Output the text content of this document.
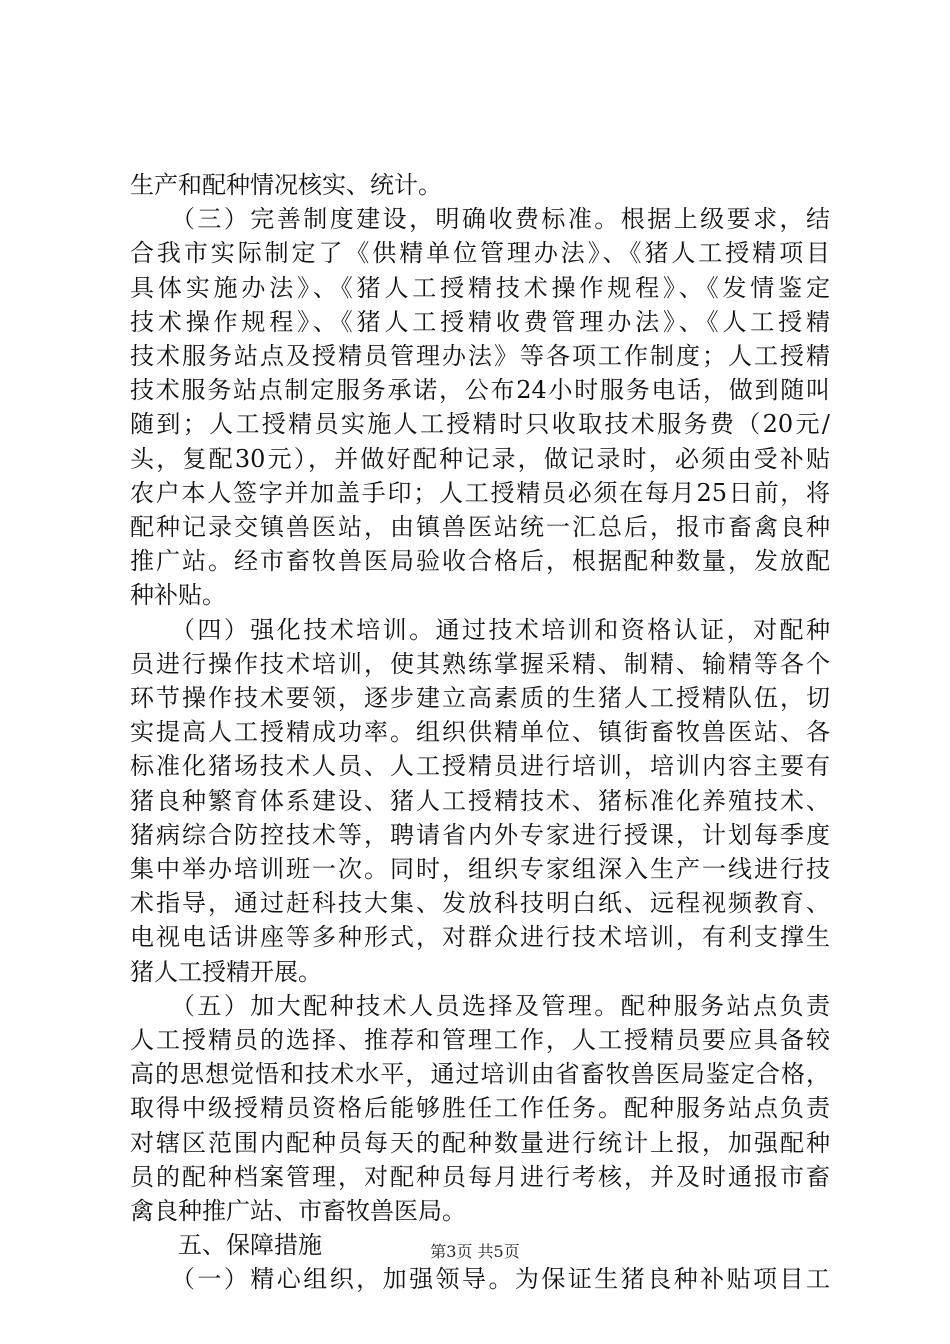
生产和配种情况核实、统计。
　　（三）完善制度建设，明确收费标准。根据上级要求，结
合我市实际制定了《供精单位管理办法》、《猪人工授精项目
具体实施办法》、《猪人工授精技术操作规程》、《发情鉴定
技术操作规程》、《猪人工授精收费管理办法》、《人工授精
技术服务站点及授精员管理办法》等各项工作制度；人工授精
技术服务站点制定服务承诺，公布24小时服务电话，做到随叫
随到；人工授精员实施人工授精时只收取技术服务费（20元/
头，复配30元），并做好配种记录，做记录时，必须由受补贴
农户本人签字并加盖手印；人工授精员必须在每月25日前，将
配种记录交镇兽医站，由镇兽医站统一汇总后，报市畜禽良种
推广站。经市畜牧兽医局验收合格后，根据配种数量，发放配
种补贴。
　　（四）强化技术培训。通过技术培训和资格认证，对配种
员进行操作技术培训，使其熟练掌握采精、制精、输精等各个
环节操作技术要领，逐步建立高素质的生猪人工授精队伍，切
实提高人工授精成功率。组织供精单位、镇街畜牧兽医站、各
标准化猪场技术人员、人工授精员进行培训，培训内容主要有
猪良种繁育体系建设、猪人工授精技术、猪标准化养殖技术、
猪病综合防控技术等，聘请省内外专家进行授课，计划每季度
集中举办培训班一次。同时，组织专家组深入生产一线进行技
术指导，通过赶科技大集、发放科技明白纸、远程视频教育、
电视电话讲座等多种形式，对群众进行技术培训，有利支撑生
猪人工授精开展。
　　（五）加大配种技术人员选择及管理。配种服务站点负责
人工授精员的选择、推荐和管理工作，人工授精员要应具备较
高的思想觉悟和技术水平，通过培训由省畜牧兽医局鉴定合格，
取得中级授精员资格后能够胜任工作任务。配种服务站点负责
对辖区范围内配种员每天的配种数量进行统计上报，加强配种
员的配种档案管理，对配种员每月进行考核，并及时通报市畜
禽良种推广站、市畜牧兽医局。
　　五、保障措施
　　（一）精心组织，加强领导。为保证生猪良种补贴项目工
第3页 共5页
